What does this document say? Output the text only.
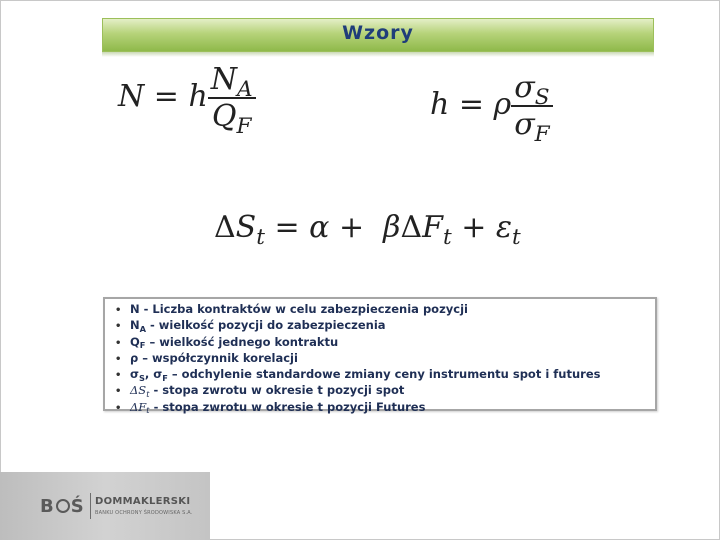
Wzory
N = h $\frac{N_A}{Q_F}$	h = ρ $\frac{\sigma_S}{\sigma_F}$
$\Delta S_t = \alpha + \beta\Delta F_t + \varepsilon_t$
• N - Liczba kontraktów w celu zabezpieczenia pozycji
• $N_A$ - wielkość pozycji do zabezpieczenia
• $Q_F$ – wielkość jednego kontraktu
• ρ – współczynnik korelacji
• $\sigma_S$, $\sigma_F$ – odchylenie standardowe zmiany ceny instrumentu spot i futures
• $\Delta S_t$ - stopa zwrotu w okresie t pozycji spot
• $\Delta F_t$ - stopa zwrotu w okresie t pozycji Futures
B Ś DOMMAKLERSKI
BANKU OCHRONY ŚRODOWISKA S.A.
